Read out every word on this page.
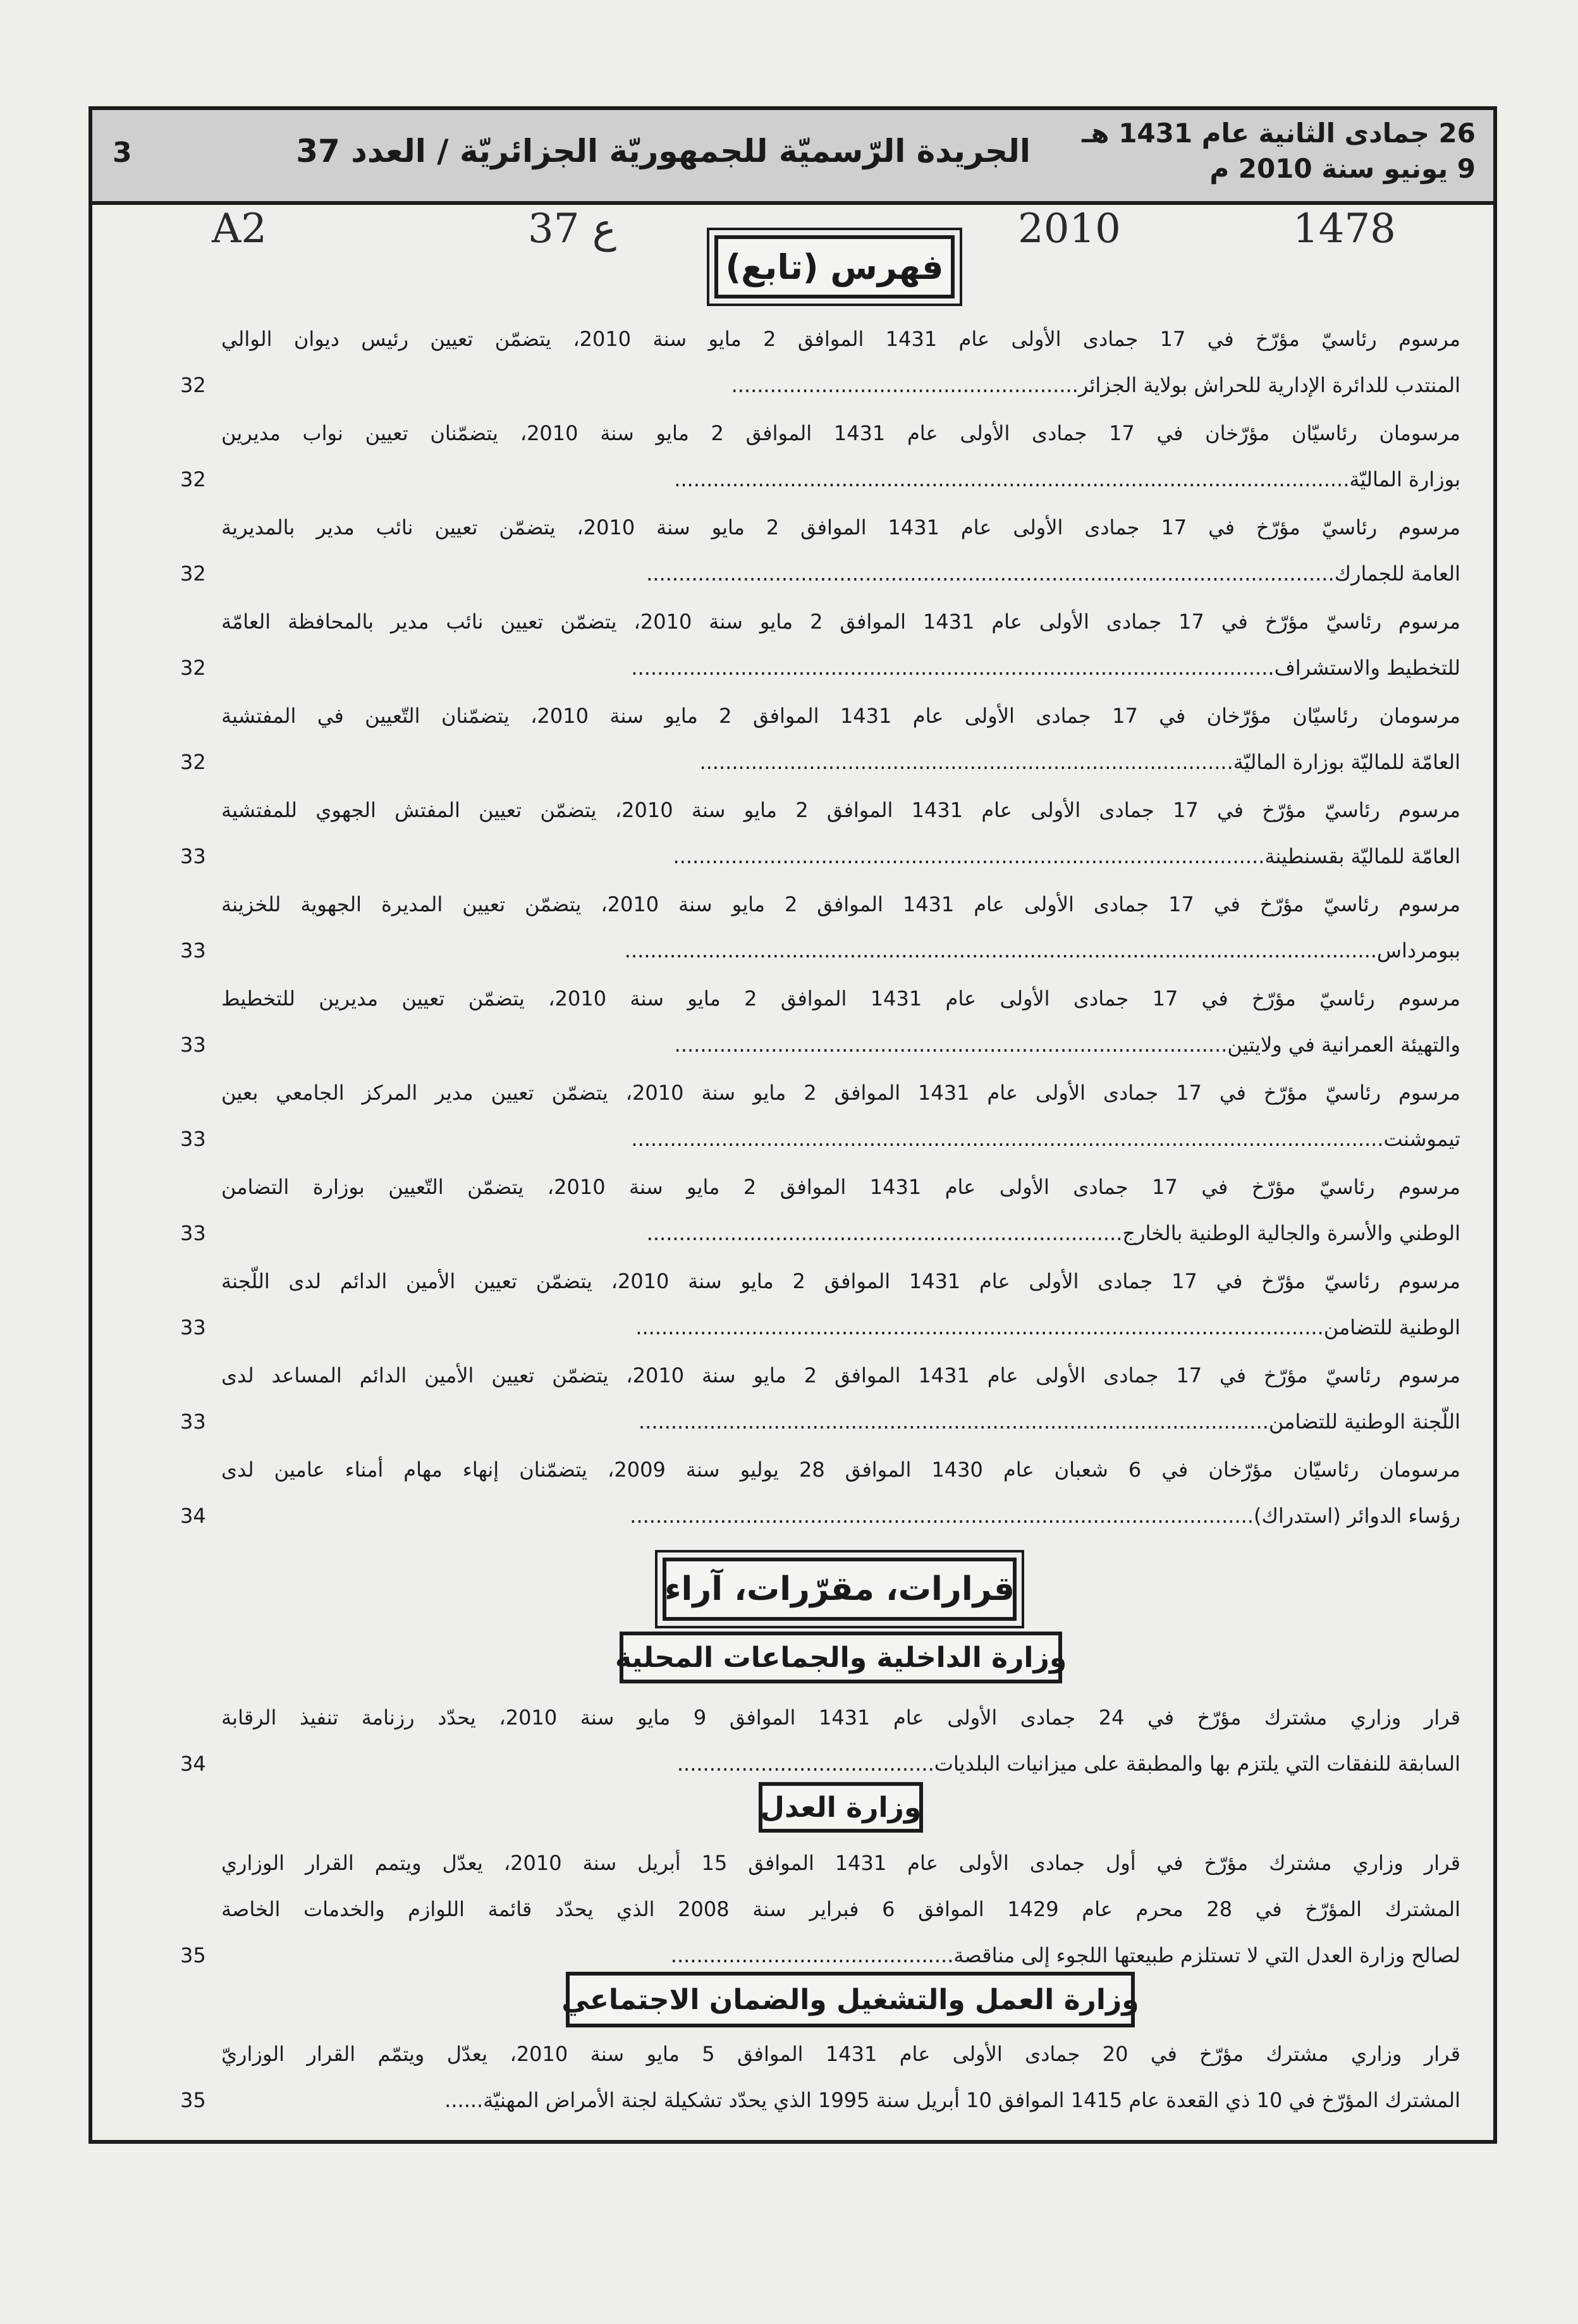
26 جمادى الثانية عام 1431 هـ
9 يونيو سنة 2010 م
الجريدة الرّسميّة للجمهوريّة الجزائريّة / العدد 37
3
A2	37 ع	2010	1478
فهرس (تابع)
مرسوم رئاسيّ مؤرّخ في 17 جمادى الأولى عام 1431 الموافق 2 مايو سنة 2010، يتضمّن تعيين رئيس ديوان الوالي
المنتدب للدائرة الإدارية للحراش بولاية الجزائر......................................................
32
مرسومان رئاسيّان مؤرّخان في 17 جمادى الأولى عام 1431 الموافق 2 مايو سنة 2010، يتضمّنان تعيين نواب مديرين
بوزارة الماليّة.........................................................................................................
32
مرسوم رئاسيّ مؤرّخ في 17 جمادى الأولى عام 1431 الموافق 2 مايو سنة 2010، يتضمّن تعيين نائب مدير بالمديرية
العامة للجمارك...........................................................................................................
32
مرسوم رئاسيّ مؤرّخ في 17 جمادى الأولى عام 1431 الموافق 2 مايو سنة 2010، يتضمّن تعيين نائب مدير بالمحافظة العامّة
للتخطيط والاستشراف....................................................................................................
32
مرسومان رئاسيّان مؤرّخان في 17 جمادى الأولى عام 1431 الموافق 2 مايو سنة 2010، يتضمّنان التّعيين في المفتشية
العامّة للماليّة بوزارة الماليّة...................................................................................
32
مرسوم رئاسيّ مؤرّخ في 17 جمادى الأولى عام 1431 الموافق 2 مايو سنة 2010، يتضمّن تعيين المفتش الجهوي للمفتشية
العامّة للماليّة بقسنطينة............................................................................................
33
مرسوم رئاسيّ مؤرّخ في 17 جمادى الأولى عام 1431 الموافق 2 مايو سنة 2010، يتضمّن تعيين المديرة الجهوية للخزينة
ببومرداس.....................................................................................................................
33
مرسوم رئاسيّ مؤرّخ في 17 جمادى الأولى عام 1431 الموافق 2 مايو سنة 2010، يتضمّن تعيين مديرين للتخطيط
والتهيئة العمرانية في ولايتين......................................................................................
33
مرسوم رئاسيّ مؤرّخ في 17 جمادى الأولى عام 1431 الموافق 2 مايو سنة 2010، يتضمّن تعيين مدير المركز الجامعي بعين
تيموشنت.....................................................................................................................
33
مرسوم رئاسيّ مؤرّخ في 17 جمادى الأولى عام 1431 الموافق 2 مايو سنة 2010، يتضمّن التّعيين بوزارة التضامن
الوطني والأسرة والجالية الوطنية بالخارج..........................................................................
33
مرسوم رئاسيّ مؤرّخ في 17 جمادى الأولى عام 1431 الموافق 2 مايو سنة 2010، يتضمّن تعيين الأمين الدائم لدى اللّجنة
الوطنية للتضامن...........................................................................................................
33
مرسوم رئاسيّ مؤرّخ في 17 جمادى الأولى عام 1431 الموافق 2 مايو سنة 2010، يتضمّن تعيين الأمين الدائم المساعد لدى
اللّجنة الوطنية للتضامن..................................................................................................
33
مرسومان رئاسيّان مؤرّخان في 6 شعبان عام 1430 الموافق 28 يوليو سنة 2009، يتضمّنان إنهاء مهام أمناء عامين لدى
رؤساء الدوائر (استدراك).................................................................................................
34
قرارات، مقرّرات، آراء
وزارة الداخلية والجماعات المحلية
قرار وزاري مشترك مؤرّخ في 24 جمادى الأولى عام 1431 الموافق 9 مايو سنة 2010، يحدّد رزنامة تنفيذ الرقابة
السابقة للنفقات التي يلتزم بها والمطبقة على ميزانيات البلديات........................................
34
وزارة العدل
قرار وزاري مشترك مؤرّخ في أول جمادى الأولى عام 1431 الموافق 15 أبريل سنة 2010، يعدّل ويتمم القرار الوزاري
المشترك المؤرّخ في 28 محرم عام 1429 الموافق 6 فبراير سنة 2008 الذي يحدّد قائمة اللوازم والخدمات الخاصة
لصالح وزارة العدل التي لا تستلزم طبيعتها اللجوء إلى مناقصة............................................
35
وزارة العمل والتشغيل والضمان الاجتماعي
قرار وزاري مشترك مؤرّخ في 20 جمادى الأولى عام 1431 الموافق 5 مايو سنة 2010، يعدّل ويتمّم القرار الوزاريّ
المشترك المؤرّخ في 10 ذي القعدة عام 1415 الموافق 10 أبريل سنة 1995 الذي يحدّد تشكيلة لجنة الأمراض المهنيّة......
35
